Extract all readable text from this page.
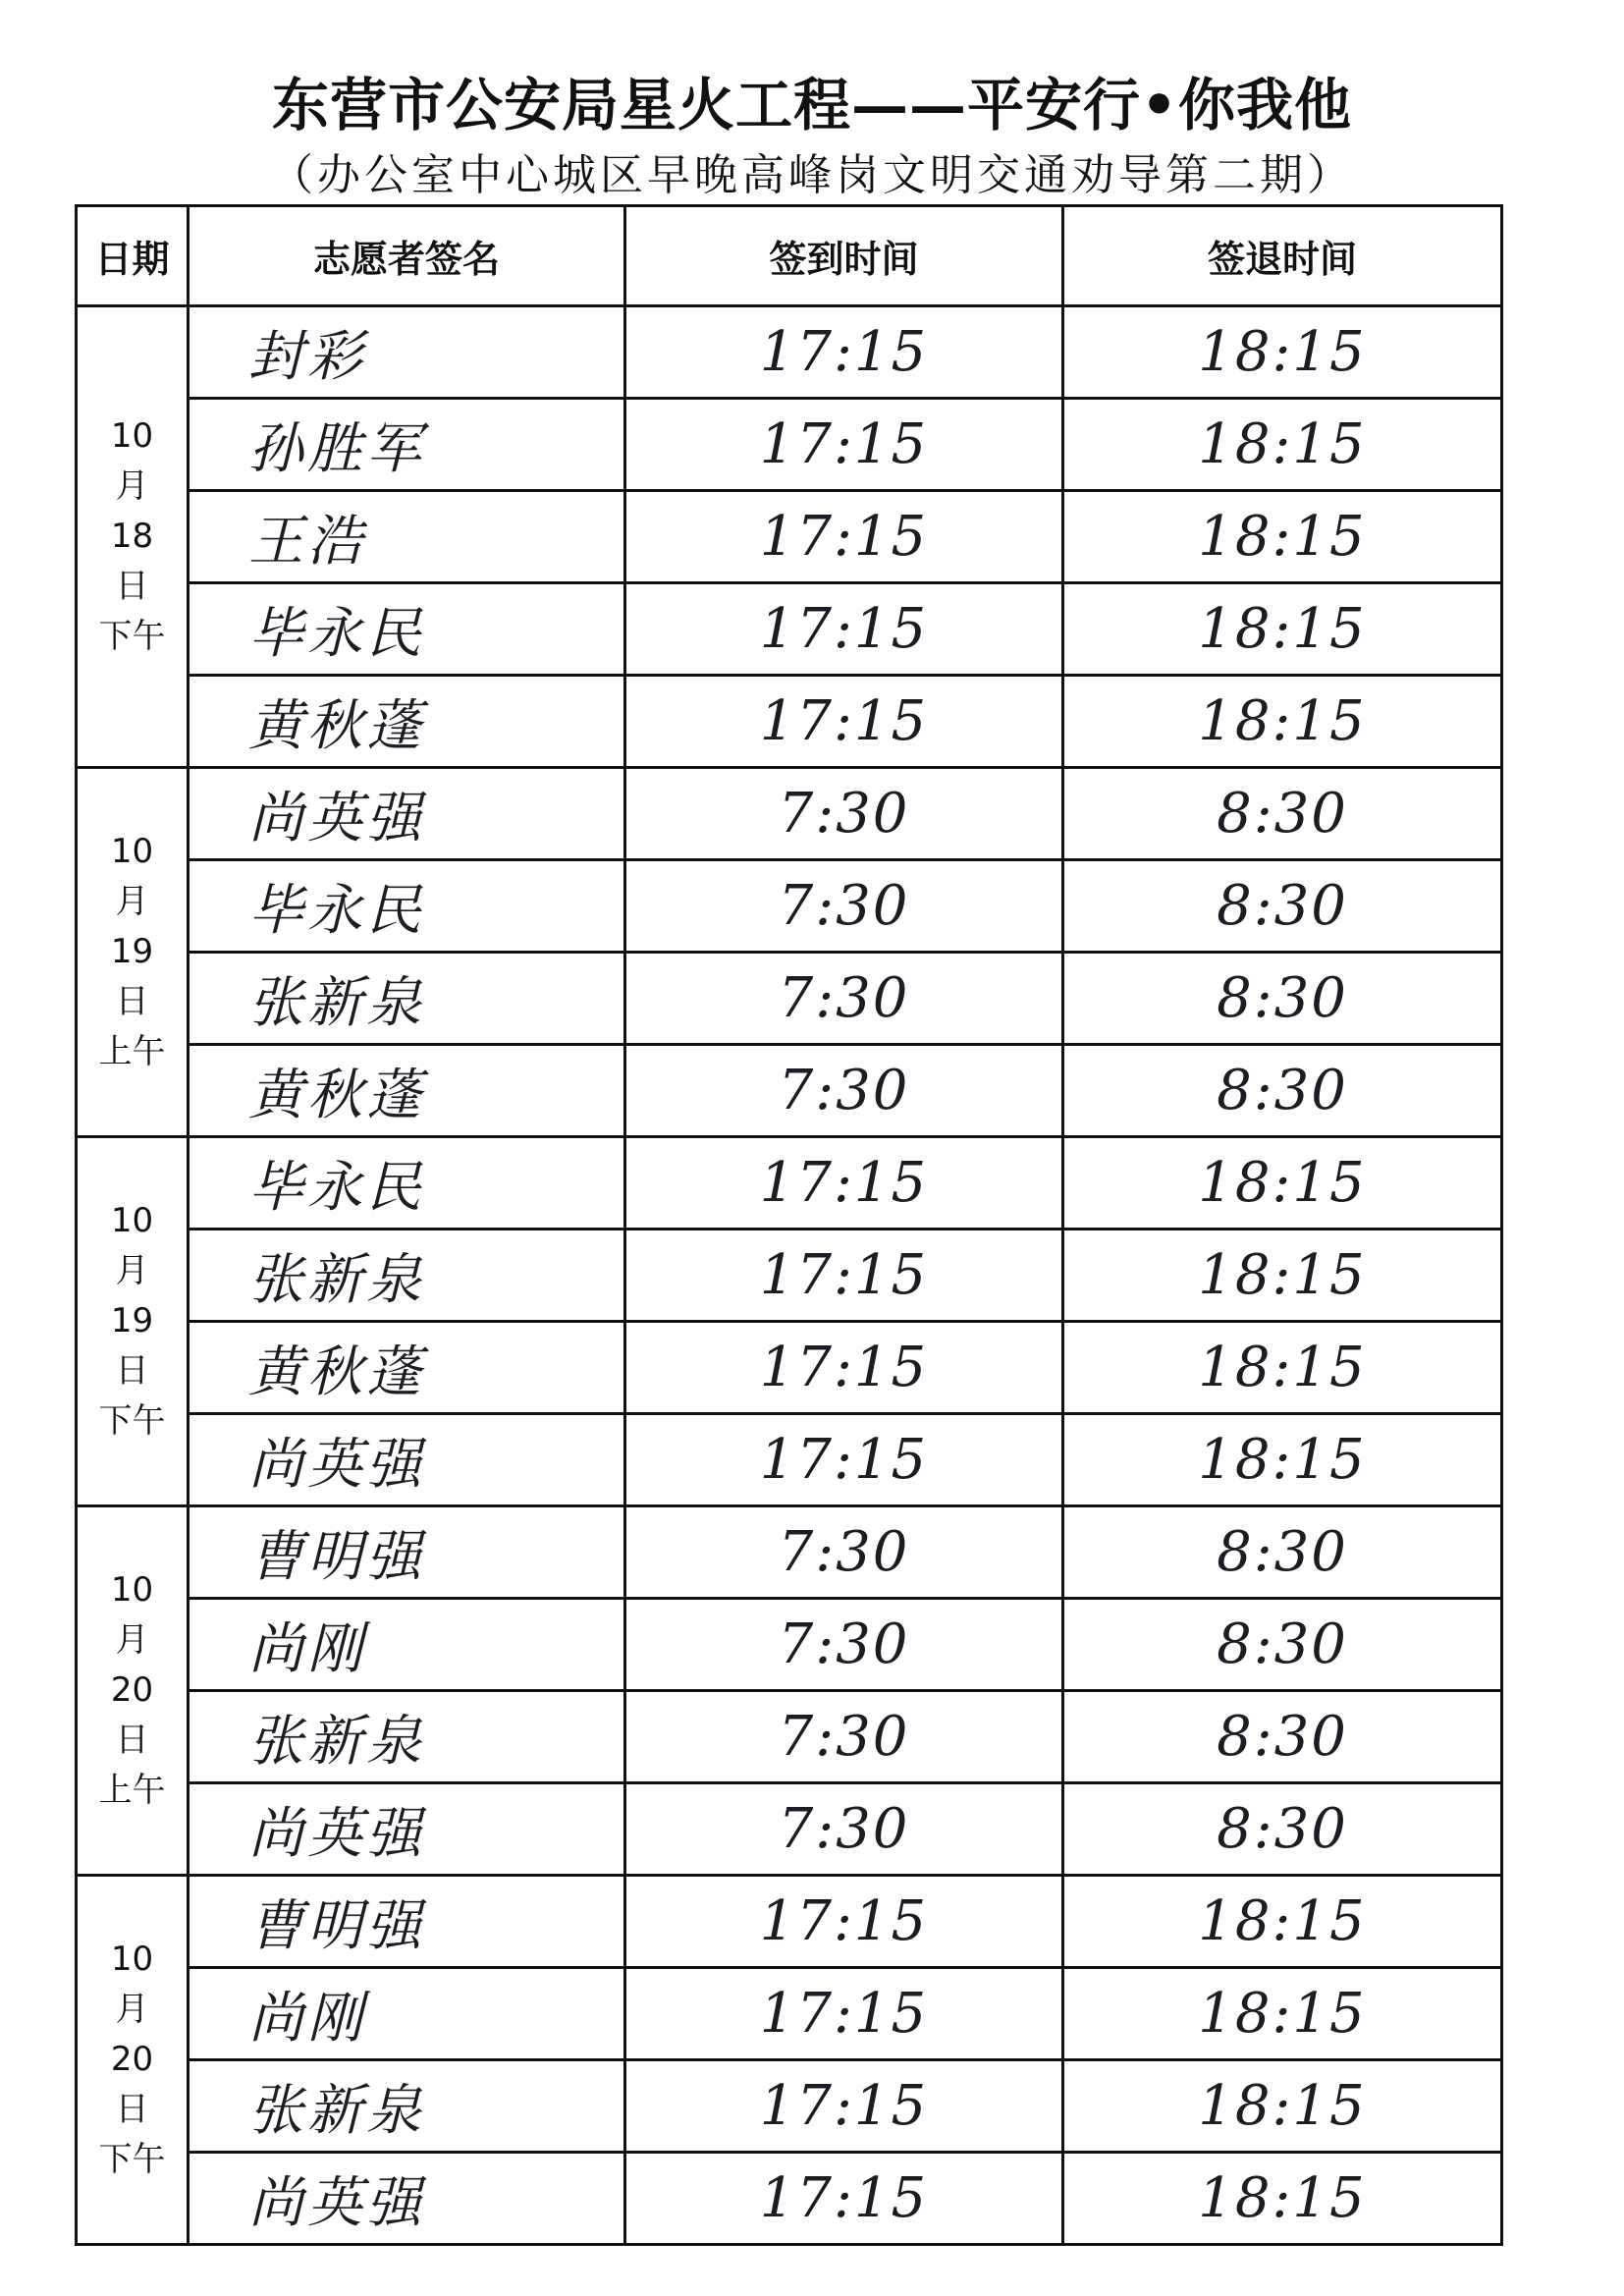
东营市公安局星火工程——平安行•你我他
（办公室中心城区早晚高峰岗文明交通劝导第二期）
日期	志愿者签名	签到时间	签退时间

10
月
18
日
下午	封彩	17:15	18:15

	孙胜军	17:15	18:15

	王浩	17:15	18:15

	毕永民	17:15	18:15

	黄秋蓬	17:15	18:15

10
月
19
日
上午	尚英强	7:30	8:30

	毕永民	7:30	8:30

	张新泉	7:30	8:30

	黄秋蓬	7:30	8:30

10
月
19
日
下午	毕永民	17:15	18:15

	张新泉	17:15	18:15

	黄秋蓬	17:15	18:15

	尚英强	17:15	18:15

10
月
20
日
上午	曹明强	7:30	8:30

	尚刚	7:30	8:30

	张新泉	7:30	8:30

	尚英强	7:30	8:30

10
月
20
日
下午	曹明强	17:15	18:15

	尚刚	17:15	18:15

	张新泉	17:15	18:15

	尚英强	17:15	18:15
